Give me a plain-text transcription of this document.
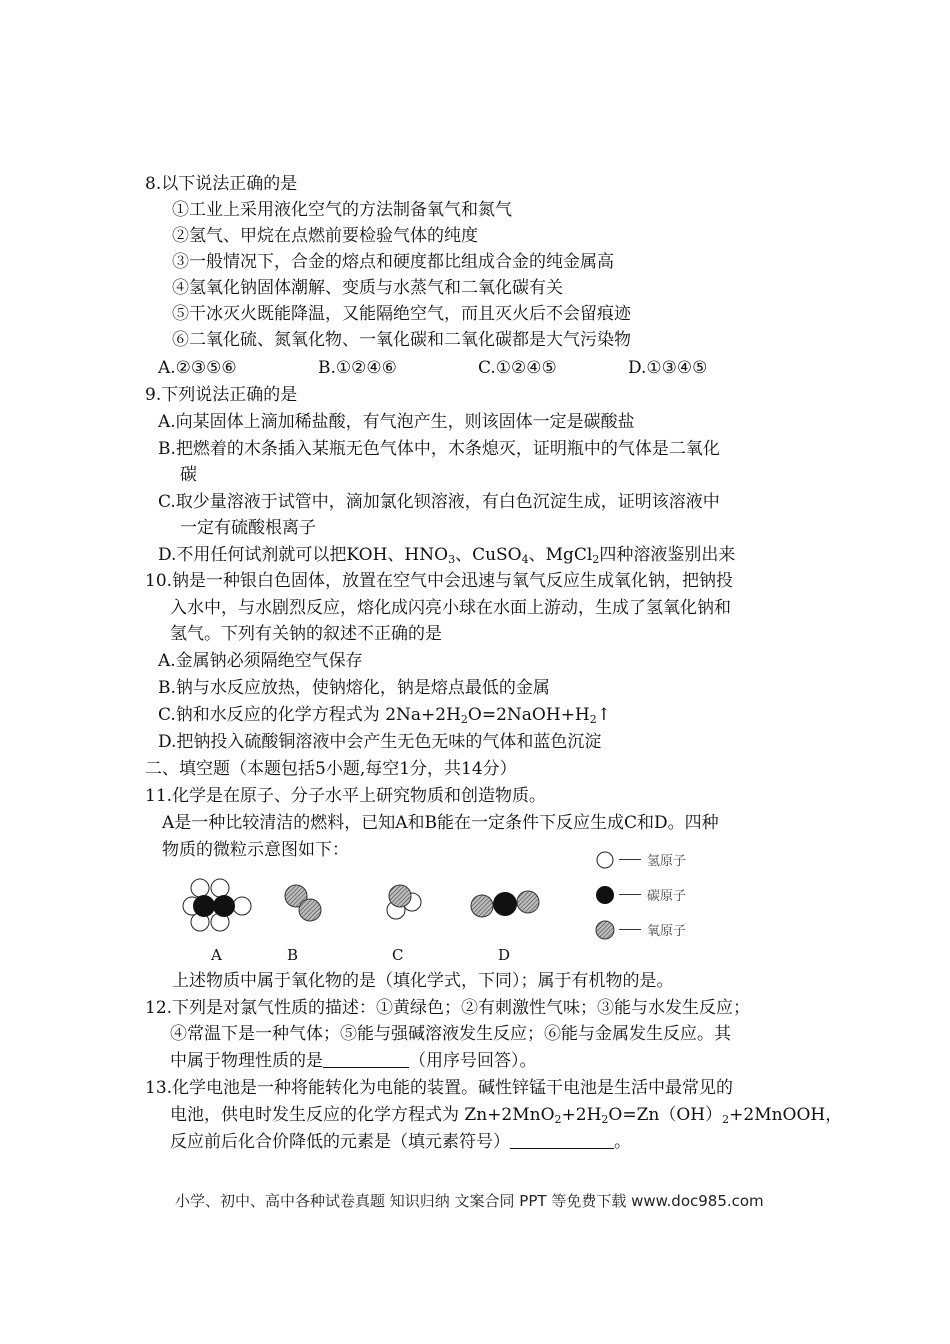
8.以下说法正确的是
①工业上采用液化空气的方法制备氧气和氮气
②氢气、甲烷在点燃前要检验气体的纯度
③一般情况下，合金的熔点和硬度都比组成合金的纯金属高
④氢氧化钠固体潮解、变质与水蒸气和二氧化碳有关
⑤干冰灭火既能降温，又能隔绝空气，而且灭火后不会留痕迹
⑥二氧化硫、氮氧化物、一氧化碳和二氧化碳都是大气污染物
A.②③⑤⑥	B.①②④⑥	C.①②④⑤	D.①③④⑤
9.下列说法正确的是
A.向某固体上滴加稀盐酸，有气泡产生，则该固体一定是碳酸盐
B.把燃着的木条插入某瓶无色气体中，木条熄灭，证明瓶中的气体是二氧化
碳
C.取少量溶液于试管中，滴加氯化钡溶液，有白色沉淀生成，证明该溶液中
一定有硫酸根离子
D.不用任何试剂就可以把KOH、HNO3、CuSO4、MgCl2四种溶液鉴别出来
10.钠是一种银白色固体，放置在空气中会迅速与氧气反应生成氧化钠，把钠投
入水中，与水剧烈反应，熔化成闪亮小球在水面上游动，生成了氢氧化钠和
氢气。下列有关钠的叙述不正确的是
A.金属钠必须隔绝空气保存
B.钠与水反应放热，使钠熔化，钠是熔点最低的金属
C.钠和水反应的化学方程式为 2Na+2H2O=2NaOH+H2↑
D.把钠投入硫酸铜溶液中会产生无色无味的气体和蓝色沉淀
二、填空题（本题包括5小题,每空1分，共14分）
11.化学是在原子、分子水平上研究物质和创造物质。
A是一种比较清洁的燃料，已知A和B能在一定条件下反应生成C和D。四种
物质的微粒示意图如下：
A	B	C	D
氢原子
碳原子
氧原子
上述物质中属于氧化物的是（填化学式，下同）；属于有机物的是。
12.下列是对氯气性质的描述：①黄绿色；②有刺激性气味；③能与水发生反应；
④常温下是一种气体；⑤能与强碱溶液发生反应；⑥能与金属发生反应。其
中属于物理性质的是	（用序号回答）。
13.化学电池是一种将能转化为电能的装置。碱性锌锰干电池是生活中最常见的
电池，供电时发生反应的化学方程式为 Zn+2MnO2+2H2O=Zn（OH）2+2MnOOH，
反应前后化合价降低的元素是（填元素符号）	。
小学、初中、高中各种试卷真题 知识归纳 文案合同 PPT 等免费下载 www.doc985.com
